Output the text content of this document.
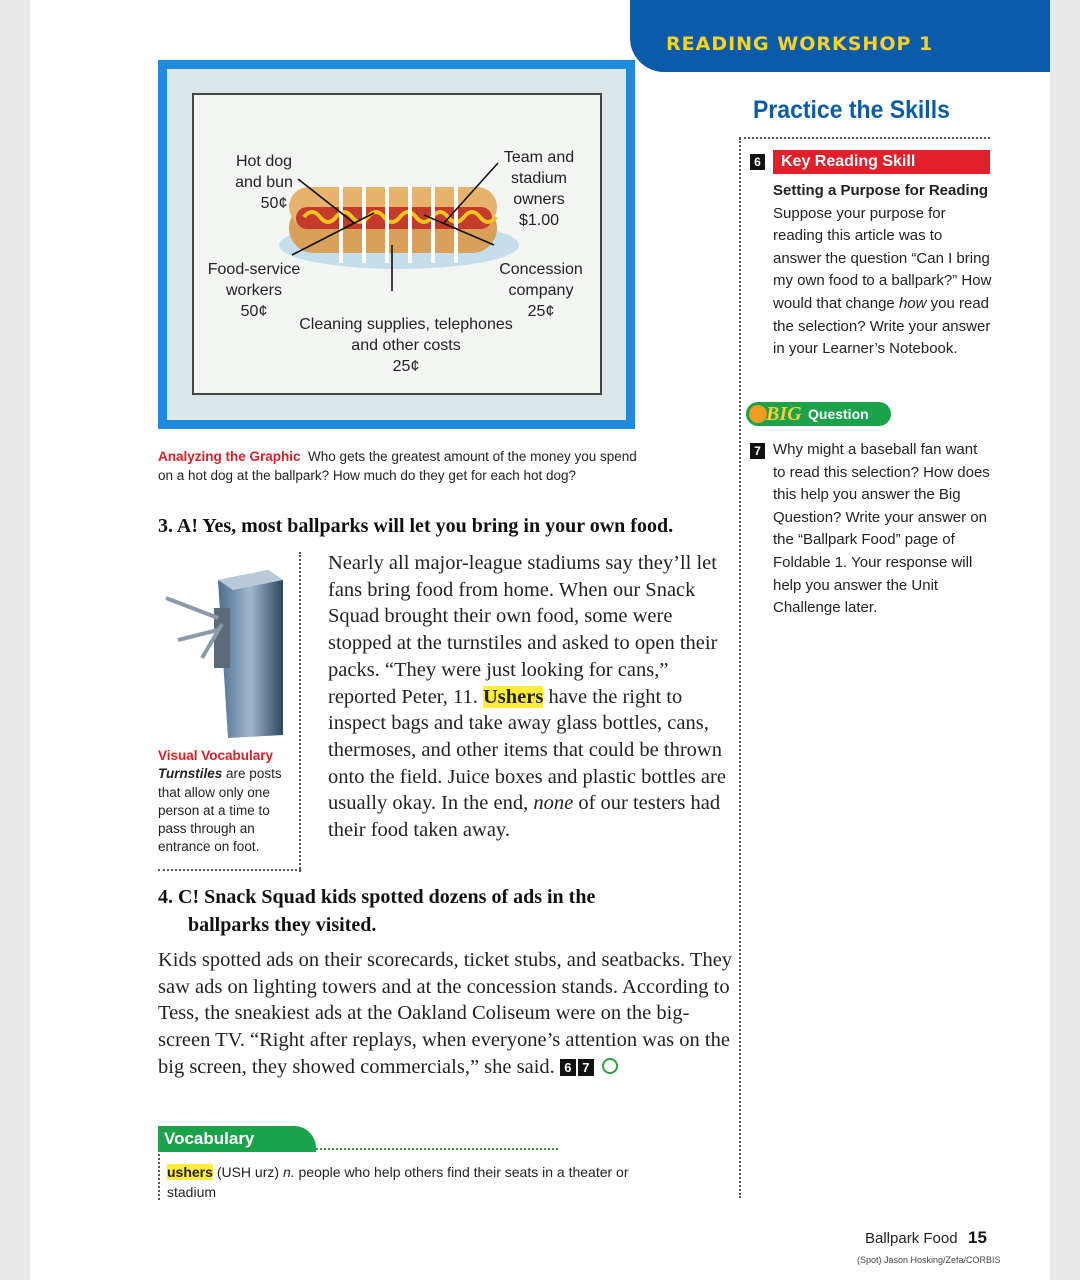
READING WORKSHOP 1
Hot dog
and bun
50¢
Team and
stadium
owners
$1.00
Food-service
workers
50¢
Concession
company
25¢
Cleaning supplies, telephones
and other costs
25¢
Analyzing the Graphic Who gets the greatest amount of the money you spend on a hot dog at the ballpark? How much do they get for each hot dog?
3. A! Yes, most ballparks will let you bring in your own food.
Visual Vocabulary
Turnstiles are posts that allow only one person at a time to pass through an entrance on foot.
Nearly all major-league stadiums say they’ll let fans bring food from home. When our Snack Squad brought their own food, some were stopped at the turnstiles and asked to open their packs. “They were just looking for cans,” reported Peter, 11. Ushers have the right to inspect bags and take away glass bottles, cans, thermoses, and other items that could be thrown onto the field. Juice boxes and plastic bottles are usually okay. In the end, none of our testers had their food taken away.
4. C! Snack Squad kids spotted dozens of ads in the
ballparks they visited.
Kids spotted ads on their scorecards, ticket stubs, and seatbacks. They saw ads on lighting towers and at the concession stands. According to Tess, the sneakiest ads at the Oakland Coliseum were on the big-screen TV. “Right after replays, when everyone’s attention was on the big screen, they showed commercials,” she said. 6 7
Vocabulary
ushers (USH urz) n. people who help others find their seats in a theater or stadium
Practice the Skills
6	Key Reading Skill
Setting a Purpose for Reading Suppose your purpose for reading this article was to answer the question “Can I bring my own food to a ballpark?” How would that change how you read the selection? Write your answer in your Learner’s Notebook.
BIG Question
7 Why might a baseball fan want to read this selection? How does this help you answer the Big Question? Write your answer on the “Ballpark Food” page of Foldable 1. Your response will help you answer the Unit Challenge later.
Ballpark Food 15
(Spot) Jason Hosking/Zefa/CORBIS
